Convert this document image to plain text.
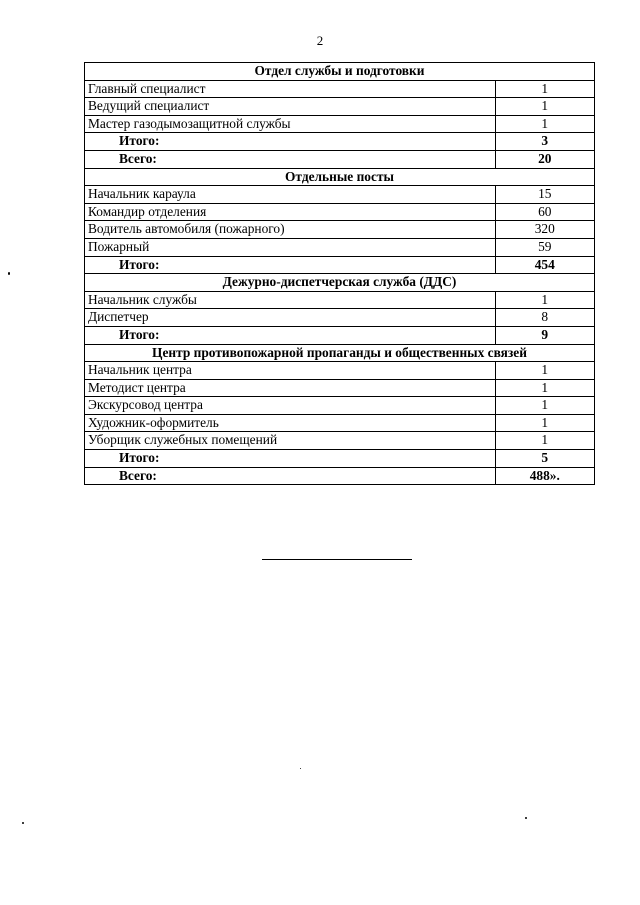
2
Отдел службы и подготовки	
Главный специалист	1
Ведущий специалист	1
Мастер газодымозащитной службы	1
Итого:	3
Всего:	20
Отдельные посты	
Начальник караула	15
Командир отделения	60
Водитель автомобиля (пожарного)	320
Пожарный	59
Итого:	454
Дежурно-диспетчерская служба (ДДС)	
Начальник службы	1
Диспетчер	8
Итого:	9
Центр противопожарной пропаганды и общественных связей	
Начальник центра	1
Методист центра	1
Экскурсовод центра	1
Художник-оформитель	1
Уборщик служебных помещений	1
Итого:	5
Всего:	488».
